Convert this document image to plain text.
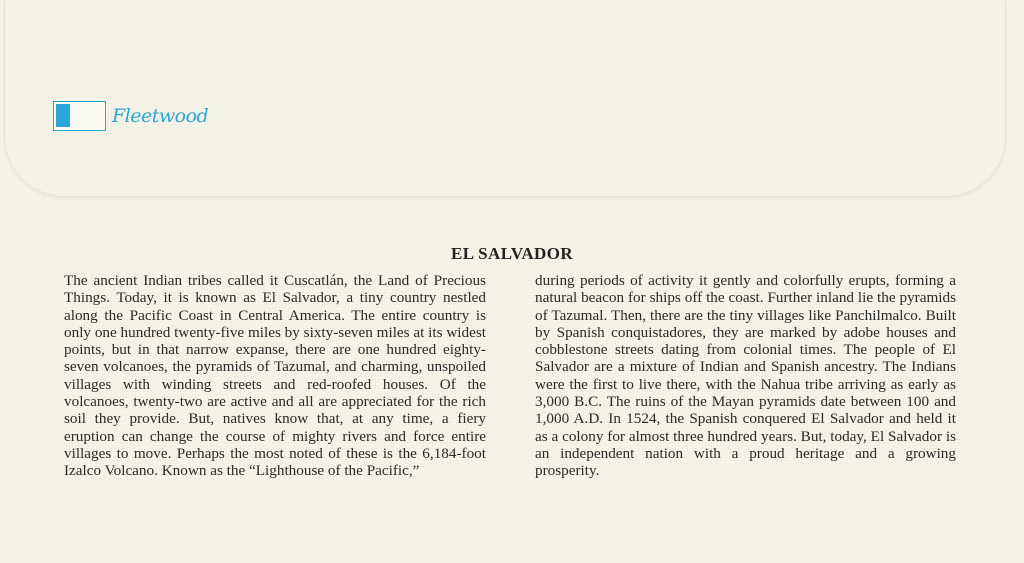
Fleetwood
EL SALVADOR

The ancient Indian tribes called it Cuscatlán, the Land of Precious Things. Today, it is known as El Salvador, a tiny country nestled along the Pacific Coast in Central America. The entire country is only one hundred twenty-five miles by sixty-seven miles at its widest points, but in that narrow expanse, there are one hundred eighty-seven volcanoes, the pyramids of Tazumal, and charming, unspoiled villages with winding streets and red-roofed houses. Of the volcanoes, twenty-two are active and all are appreciated for the rich soil they provide. But, natives know that, at any time, a fiery eruption can change the course of mighty rivers and force entire villages to move. Perhaps the most noted of these is the 6,184-foot Izalco Volcano. Known as the “Lighthouse of the Pacific,”

during periods of activity it gently and colorfully erupts, forming a natural beacon for ships off the coast. Further inland lie the pyramids of Tazumal. Then, there are the tiny villages like Panchilmalco. Built by Spanish conquistadores, they are marked by adobe houses and cobblestone streets dating from colonial times. The people of El Salvador are a mixture of Indian and Spanish ancestry. The Indians were the first to live there, with the Nahua tribe arriving as early as 3,000 B.C. The ruins of the Mayan pyramids date between 100 and 1,000 A.D. In 1524, the Spanish conquered El Salvador and held it as a colony for almost three hundred years. But, today, El Salvador is an independent nation with a proud heritage and a growing prosperity.
